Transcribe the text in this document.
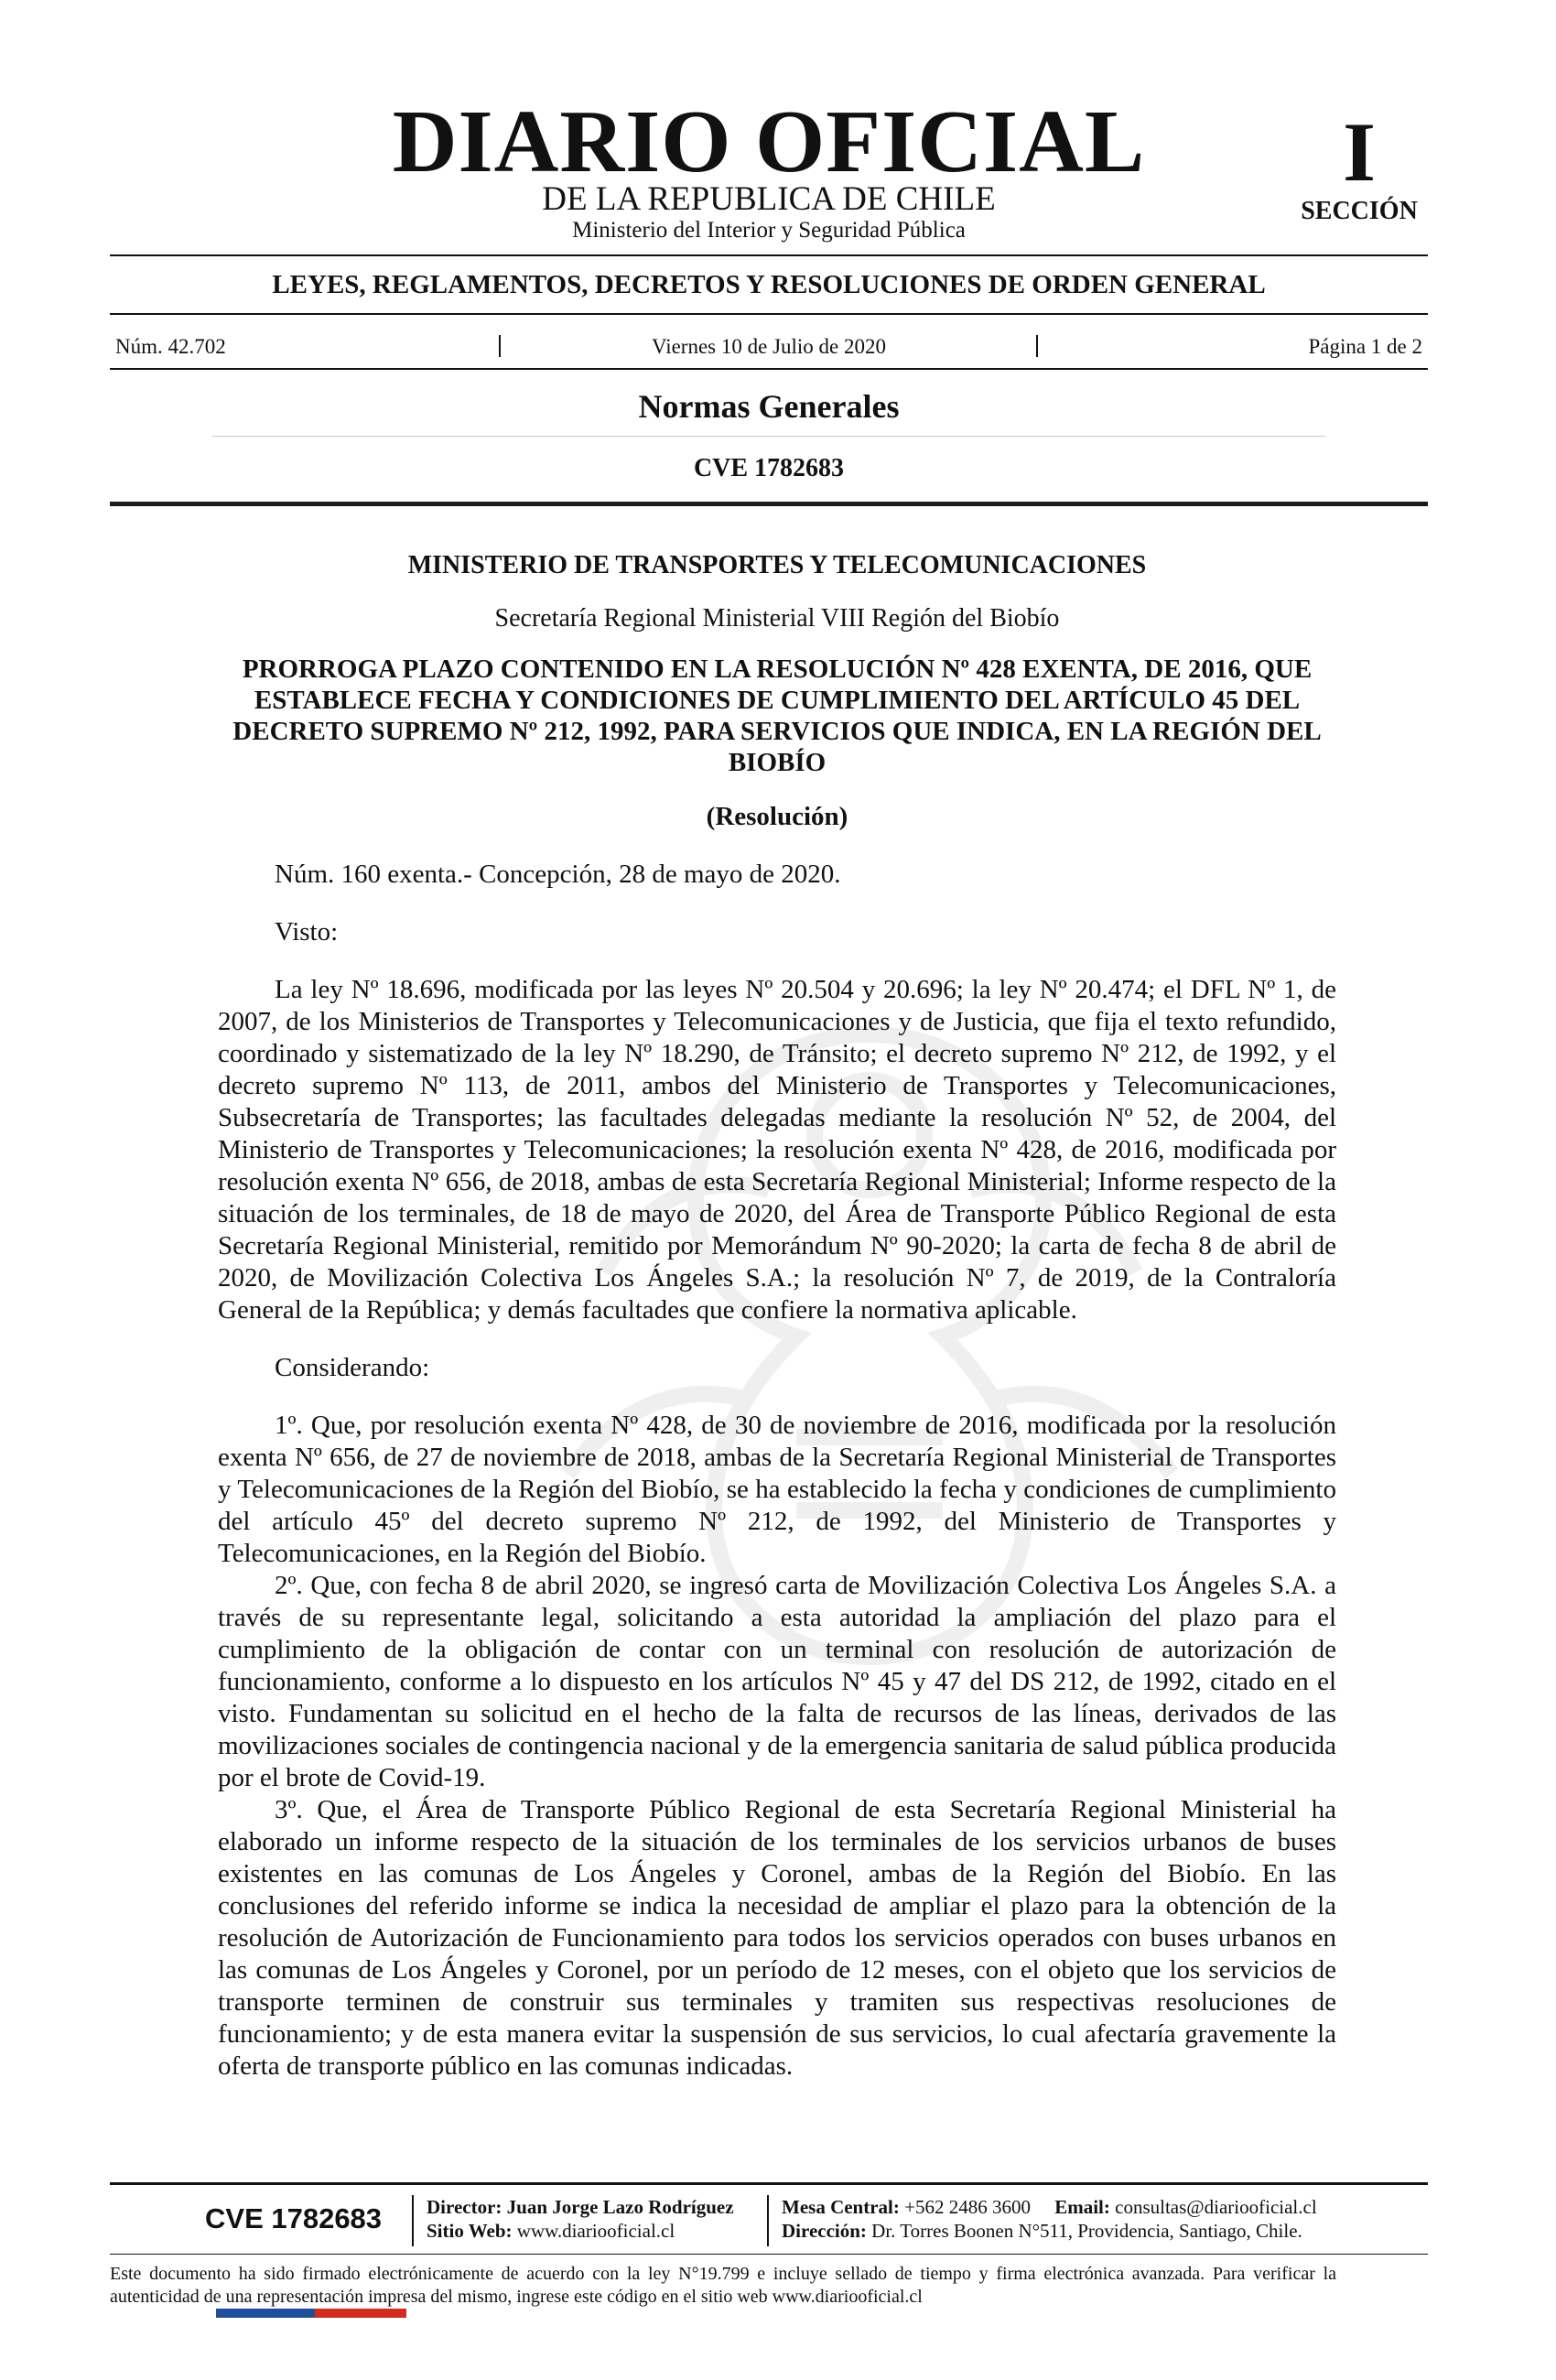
DIARIO OFICIAL
DE LA REPUBLICA DE CHILE
Ministerio del Interior y Seguridad Pública
I
SECCIÓN
LEYES, REGLAMENTOS, DECRETOS Y RESOLUCIONES DE ORDEN GENERAL
Núm. 42.702	Viernes 10 de Julio de 2020	Página 1 de 2
Normas Generales
CVE 1782683

MINISTERIO DE TRANSPORTES Y TELECOMUNICACIONES

Secretaría Regional Ministerial VIII Región del Biobío

PRORROGA PLAZO CONTENIDO EN LA RESOLUCIÓN Nº 428 EXENTA, DE 2016, QUE ESTABLECE FECHA Y CONDICIONES DE CUMPLIMIENTO DEL ARTÍCULO 45 DEL DECRETO SUPREMO Nº 212, 1992, PARA SERVICIOS QUE INDICA, EN LA REGIÓN DEL BIOBÍO

(Resolución)

Núm. 160 exenta.- Concepción, 28 de mayo de 2020.

Visto:

La ley Nº 18.696, modificada por las leyes Nº 20.504 y 20.696; la ley Nº 20.474; el DFL Nº 1, de 2007, de los Ministerios de Transportes y Telecomunicaciones y de Justicia, que fija el texto refundido, coordinado y sistematizado de la ley Nº 18.290, de Tránsito; el decreto supremo Nº 212, de 1992, y el decreto supremo Nº 113, de 2011, ambos del Ministerio de Transportes y Telecomunicaciones, Subsecretaría de Transportes; las facultades delegadas mediante la resolución Nº 52, de 2004, del Ministerio de Transportes y Telecomunicaciones; la resolución exenta Nº 428, de 2016, modificada por resolución exenta Nº 656, de 2018, ambas de esta Secretaría Regional Ministerial; Informe respecto de la situación de los terminales, de 18 de mayo de 2020, del Área de Transporte Público Regional de esta Secretaría Regional Ministerial, remitido por Memorándum Nº 90-2020; la carta de fecha 8 de abril de 2020, de Movilización Colectiva Los Ángeles S.A.; la resolución Nº 7, de 2019, de la Contraloría General de la República; y demás facultades que confiere la normativa aplicable.

Considerando:

1º. Que, por resolución exenta Nº 428, de 30 de noviembre de 2016, modificada por la resolución exenta Nº 656, de 27 de noviembre de 2018, ambas de la Secretaría Regional Ministerial de Transportes y Telecomunicaciones de la Región del Biobío, se ha establecido la fecha y condiciones de cumplimiento del artículo 45º del decreto supremo Nº 212, de 1992, del Ministerio de Transportes y Telecomunicaciones, en la Región del Biobío.

2º. Que, con fecha 8 de abril 2020, se ingresó carta de Movilización Colectiva Los Ángeles S.A. a través de su representante legal, solicitando a esta autoridad la ampliación del plazo para el cumplimiento de la obligación de contar con un terminal con resolución de autorización de funcionamiento, conforme a lo dispuesto en los artículos Nº 45 y 47 del DS 212, de 1992, citado en el visto. Fundamentan su solicitud en el hecho de la falta de recursos de las líneas, derivados de las movilizaciones sociales de contingencia nacional y de la emergencia sanitaria de salud pública producida por el brote de Covid-19.

3º. Que, el Área de Transporte Público Regional de esta Secretaría Regional Ministerial ha elaborado un informe respecto de la situación de los terminales de los servicios urbanos de buses existentes en las comunas de Los Ángeles y Coronel, ambas de la Región del Biobío. En las conclusiones del referido informe se indica la necesidad de ampliar el plazo para la obtención de la resolución de Autorización de Funcionamiento para todos los servicios operados con buses urbanos en las comunas de Los Ángeles y Coronel, por un período de 12 meses, con el objeto que los servicios de transporte terminen de construir sus terminales y tramiten sus respectivas resoluciones de funcionamiento; y de esta manera evitar la suspensión de sus servicios, lo cual afectaría gravemente la oferta de transporte público en las comunas indicadas.

CVE 1782683 Director: Juan Jorge Lazo Rodríguez
Sitio Web: www.diariooficial.cl
Mesa Central: +562 2486 3600 Email: consultas@diariooficial.cl
Dirección: Dr. Torres Boonen N°511, Providencia, Santiago, Chile.
Este documento ha sido firmado electrónicamente de acuerdo con la ley N°19.799 e incluye sellado de tiempo y firma electrónica avanzada. Para verificar la autenticidad de una representación impresa del mismo, ingrese este código en el sitio web www.diariooficial.cl
